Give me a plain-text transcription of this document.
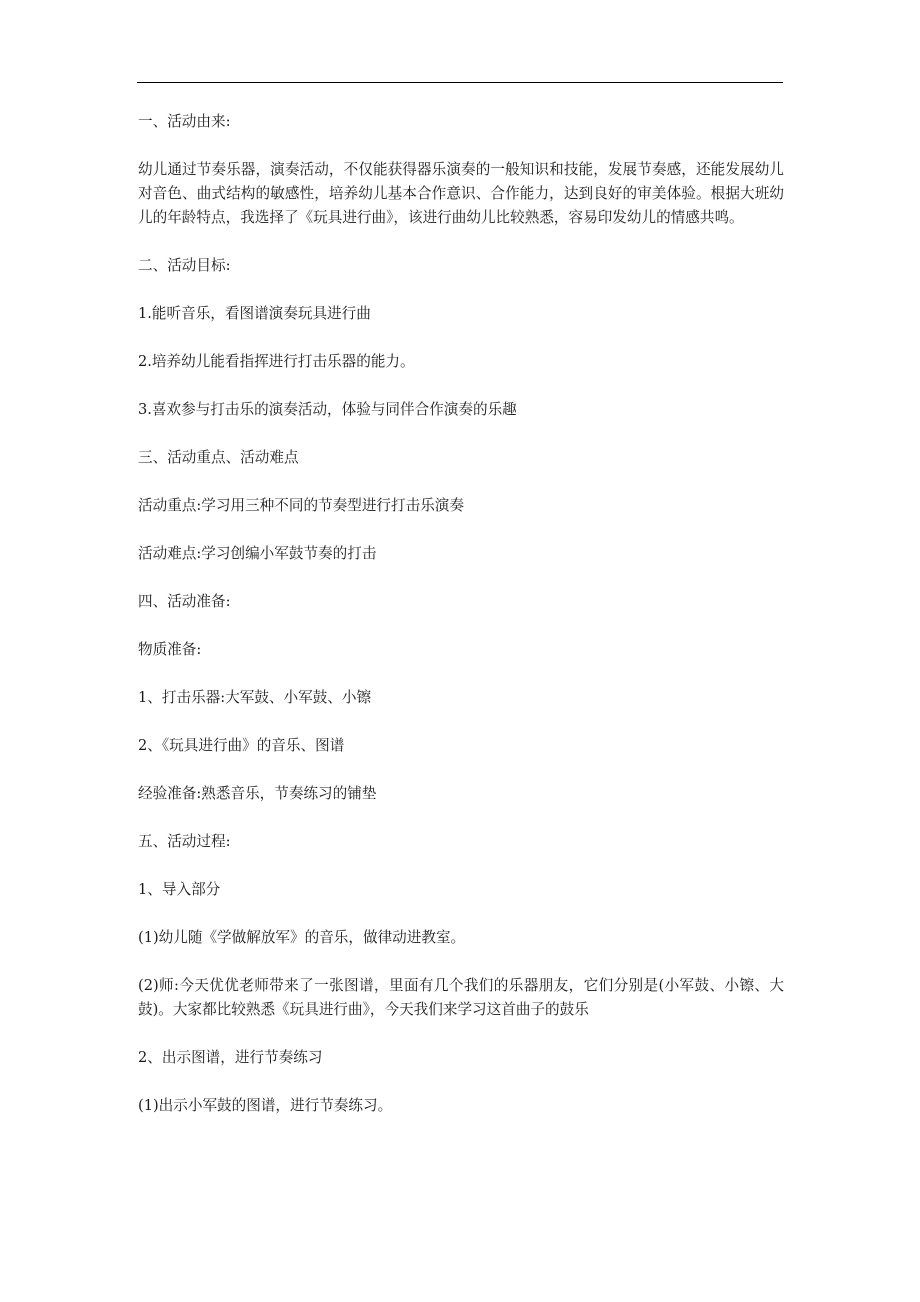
一、活动由来:

幼儿通过节奏乐器，演奏活动，不仅能获得器乐演奏的一般知识和技能，发展节奏感，还能发展幼儿对音色、曲式结构的敏感性，培养幼儿基本合作意识、合作能力，达到良好的审美体验。根据大班幼儿的年龄特点，我选择了《玩具进行曲》，该进行曲幼儿比较熟悉，容易印发幼儿的情感共鸣。

二、活动目标:

1.能听音乐，看图谱演奏玩具进行曲

2.培养幼儿能看指挥进行打击乐器的能力。

3.喜欢参与打击乐的演奏活动，体验与同伴合作演奏的乐趣

三、活动重点、活动难点

活动重点:学习用三种不同的节奏型进行打击乐演奏

活动难点:学习创编小军鼓节奏的打击

四、活动准备:

物质准备:

1、打击乐器:大军鼓、小军鼓、小镲

2、《玩具进行曲》的音乐、图谱

经验准备:熟悉音乐，节奏练习的铺垫

五、活动过程:

1、导入部分

(1)幼儿随《学做解放军》的音乐，做律动进教室。

(2)师:今天优优老师带来了一张图谱，里面有几个我们的乐器朋友，它们分别是(小军鼓、小镲、大鼓)。大家都比较熟悉《玩具进行曲》，今天我们来学习这首曲子的鼓乐

2、出示图谱，进行节奏练习

(1)出示小军鼓的图谱，进行节奏练习。
